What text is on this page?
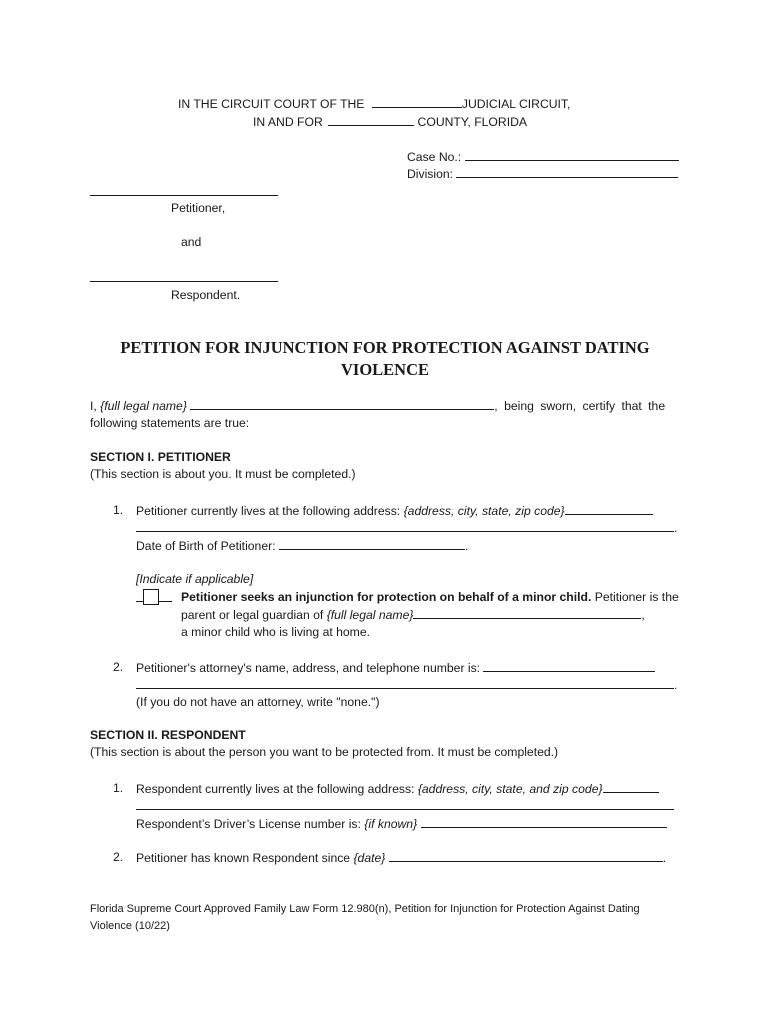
IN THE CIRCUIT COURT OF THE	JUDICIAL CIRCUIT,
IN AND FOR	COUNTY, FLORIDA
Case No.:
Division:
Petitioner,
and
Respondent.
PETITION FOR INJUNCTION FOR PROTECTION AGAINST DATING
VIOLENCE
I, {full legal name}	, being sworn, certify that the
following statements are true:
SECTION I. PETITIONER
(This section is about you. It must be completed.)
1. Petitioner currently lives at the following address: {address, city, state, zip code}
.
Date of Birth of Petitioner:	.
[Indicate if applicable]
Petitioner seeks an injunction for protection on behalf of a minor child. Petitioner is the
parent or legal guardian of {full legal name}	,
a minor child who is living at home.
2. Petitioner's attorney's name, address, and telephone number is:
.
(If you do not have an attorney, write "none.")
SECTION II. RESPONDENT
(This section is about the person you want to be protected from. It must be completed.)
1. Respondent currently lives at the following address: {address, city, state, and zip code}
Respondent’s Driver’s License number is: {if known}
2. Petitioner has known Respondent since {date}	.
Florida Supreme Court Approved Family Law Form 12.980(n), Petition for Injunction for Protection Against Dating
Violence (10/22)
